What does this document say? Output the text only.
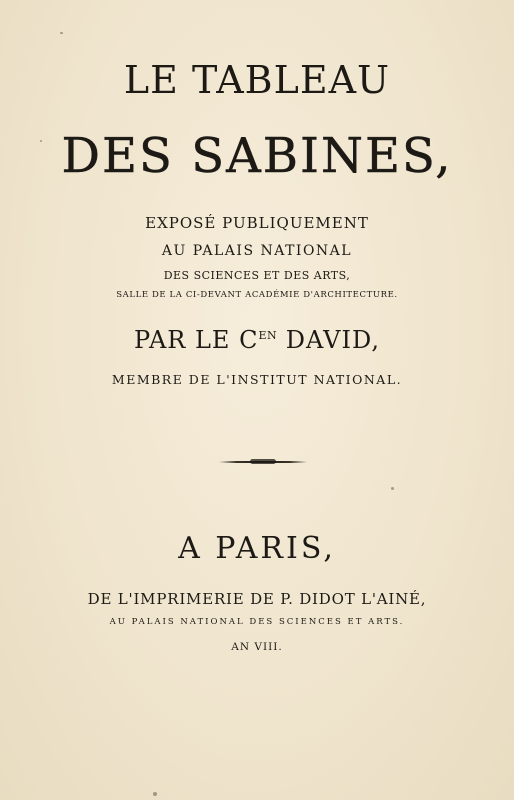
LE TABLEAU
DES SABINES,
EXPOSÉ PUBLIQUEMENT
AU PALAIS NATIONAL
DES SCIENCES ET DES ARTS,
SALLE DE LA CI-DEVANT ACADÉMIE D'ARCHITECTURE.
PAR LE $C^{EN}$ DAVID,
MEMBRE DE L'INSTITUT NATIONAL.
A PARIS,
DE L'IMPRIMERIE DE P. DIDOT L'AINÉ,
AU PALAIS NATIONAL DES SCIENCES ET ARTS.
AN VIII.
